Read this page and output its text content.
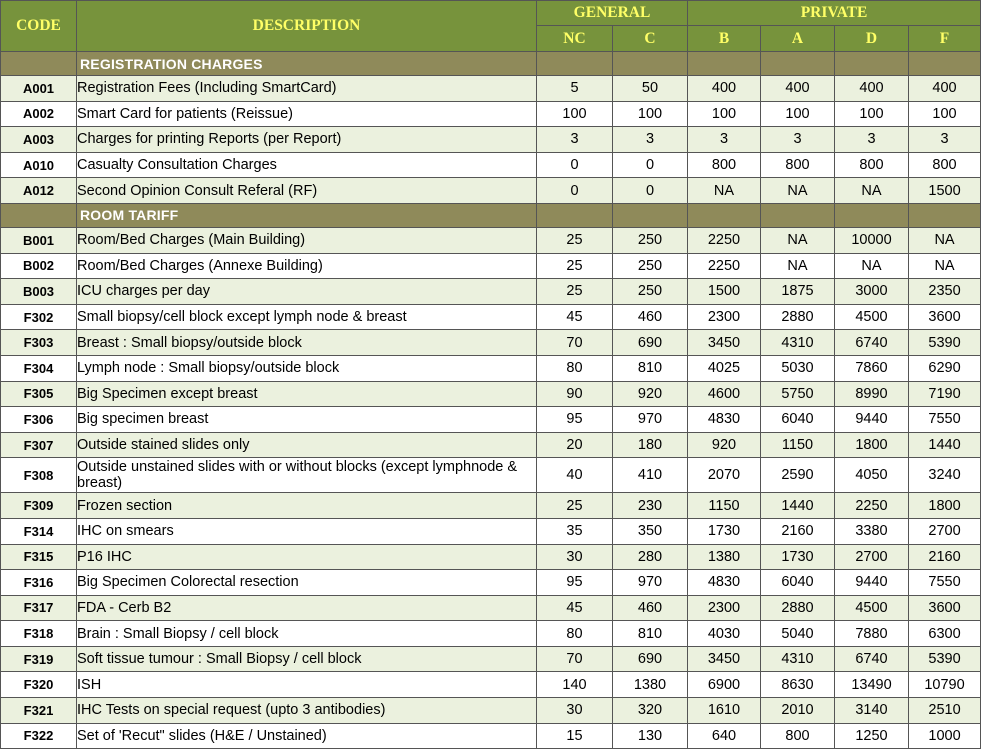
CODE	DESCRIPTION	GENERAL		PRIVATE			
		NC	C	B	A	D	F
	REGISTRATION CHARGES						
A001	Registration Fees (Including SmartCard)	5	50	400	400	400	400
A002	Smart Card for patients (Reissue)	100	100	100	100	100	100
A003	Charges for printing Reports (per Report)	3	3	3	3	3	3
A010	Casualty Consultation Charges	0	0	800	800	800	800
A012	Second Opinion Consult Referal (RF)	0	0	NA	NA	NA	1500
	ROOM TARIFF						
B001	Room/Bed Charges (Main Building)	25	250	2250	NA	10000	NA
B002	Room/Bed Charges (Annexe Building)	25	250	2250	NA	NA	NA
B003	ICU charges per day	25	250	1500	1875	3000	2350
F302	Small biopsy/cell block except lymph node & breast	45	460	2300	2880	4500	3600
F303	Breast : Small biopsy/outside block	70	690	3450	4310	6740	5390
F304	Lymph node : Small biopsy/outside block	80	810	4025	5030	7860	6290
F305	Big Specimen except breast	90	920	4600	5750	8990	7190
F306	Big specimen breast	95	970	4830	6040	9440	7550
F307	Outside stained slides only	20	180	920	1150	1800	1440
F308	Outside unstained slides with or without blocks (except lymphnode & breast)	40	410	2070	2590	4050	3240
F309	Frozen section	25	230	1150	1440	2250	1800
F314	IHC on smears	35	350	1730	2160	3380	2700
F315	P16 IHC	30	280	1380	1730	2700	2160
F316	Big Specimen Colorectal resection	95	970	4830	6040	9440	7550
F317	FDA - Cerb B2	45	460	2300	2880	4500	3600
F318	Brain : Small Biopsy / cell block	80	810	4030	5040	7880	6300
F319	Soft tissue tumour : Small Biopsy / cell block	70	690	3450	4310	6740	5390
F320	ISH	140	1380	6900	8630	13490	10790
F321	IHC Tests on special request (upto 3 antibodies)	30	320	1610	2010	3140	2510
F322	Set of 'Recut" slides (H&E / Unstained)	15	130	640	800	1250	1000
